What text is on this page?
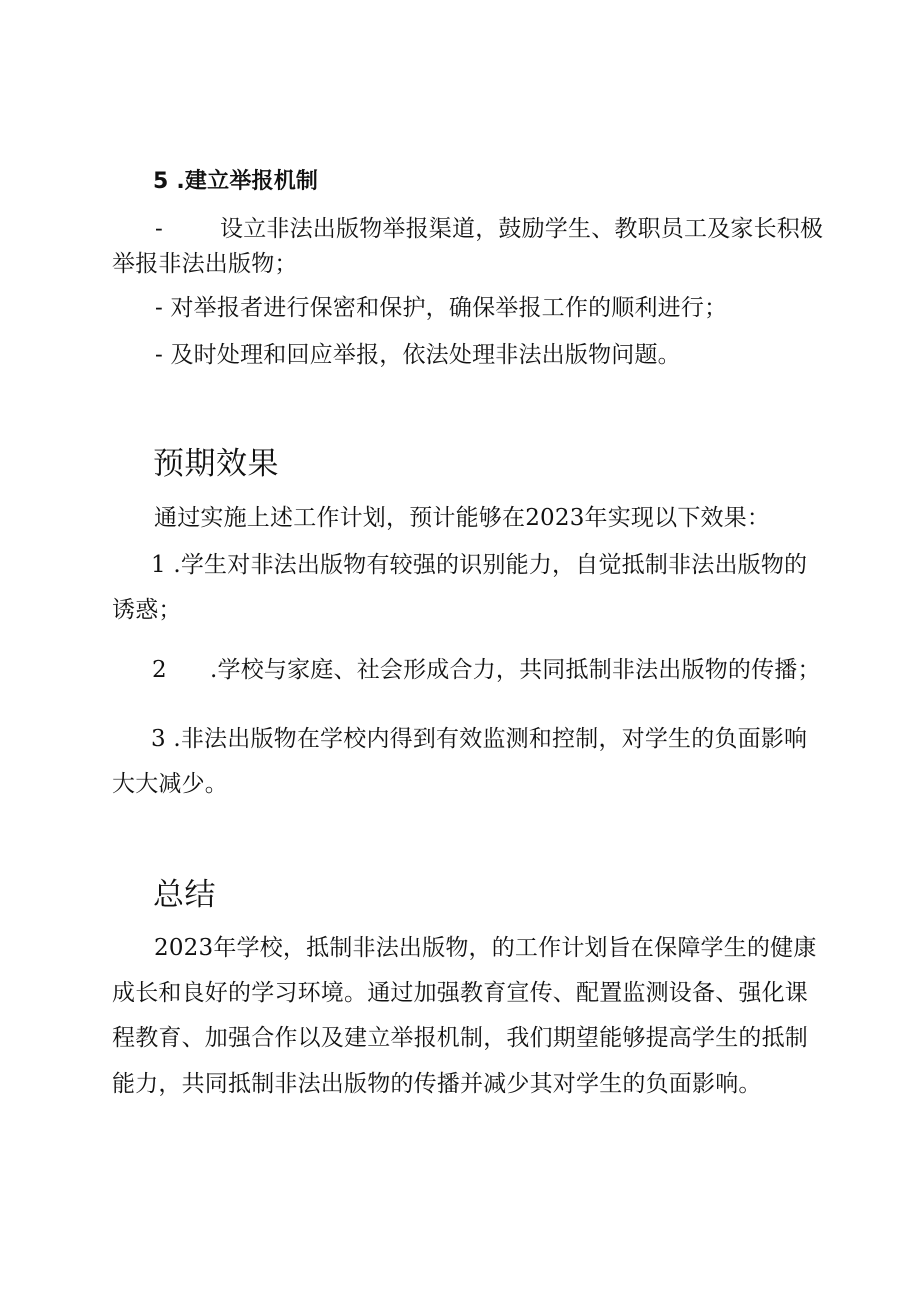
5 .建立举报机制
- 设立非法出版物举报渠道，鼓励学生、教职员工及家长积极
举报非法出版物；
- 对举报者进行保密和保护，确保举报工作的顺利进行；
- 及时处理和回应举报，依法处理非法出版物问题。
预期效果
通过实施上述工作计划，预计能够在2023年实现以下效果：
1 .学生对非法出版物有较强的识别能力，自觉抵制非法出版物的
诱惑；
2 .学校与家庭、社会形成合力，共同抵制非法出版物的传播；
3 .非法出版物在学校内得到有效监测和控制，对学生的负面影响
大大减少。
总结
2023年学校，抵制非法出版物，的工作计划旨在保障学生的健康
成长和良好的学习环境。通过加强教育宣传、配置监测设备、强化课
程教育、加强合作以及建立举报机制，我们期望能够提高学生的抵制
能力，共同抵制非法出版物的传播并减少其对学生的负面影响。
